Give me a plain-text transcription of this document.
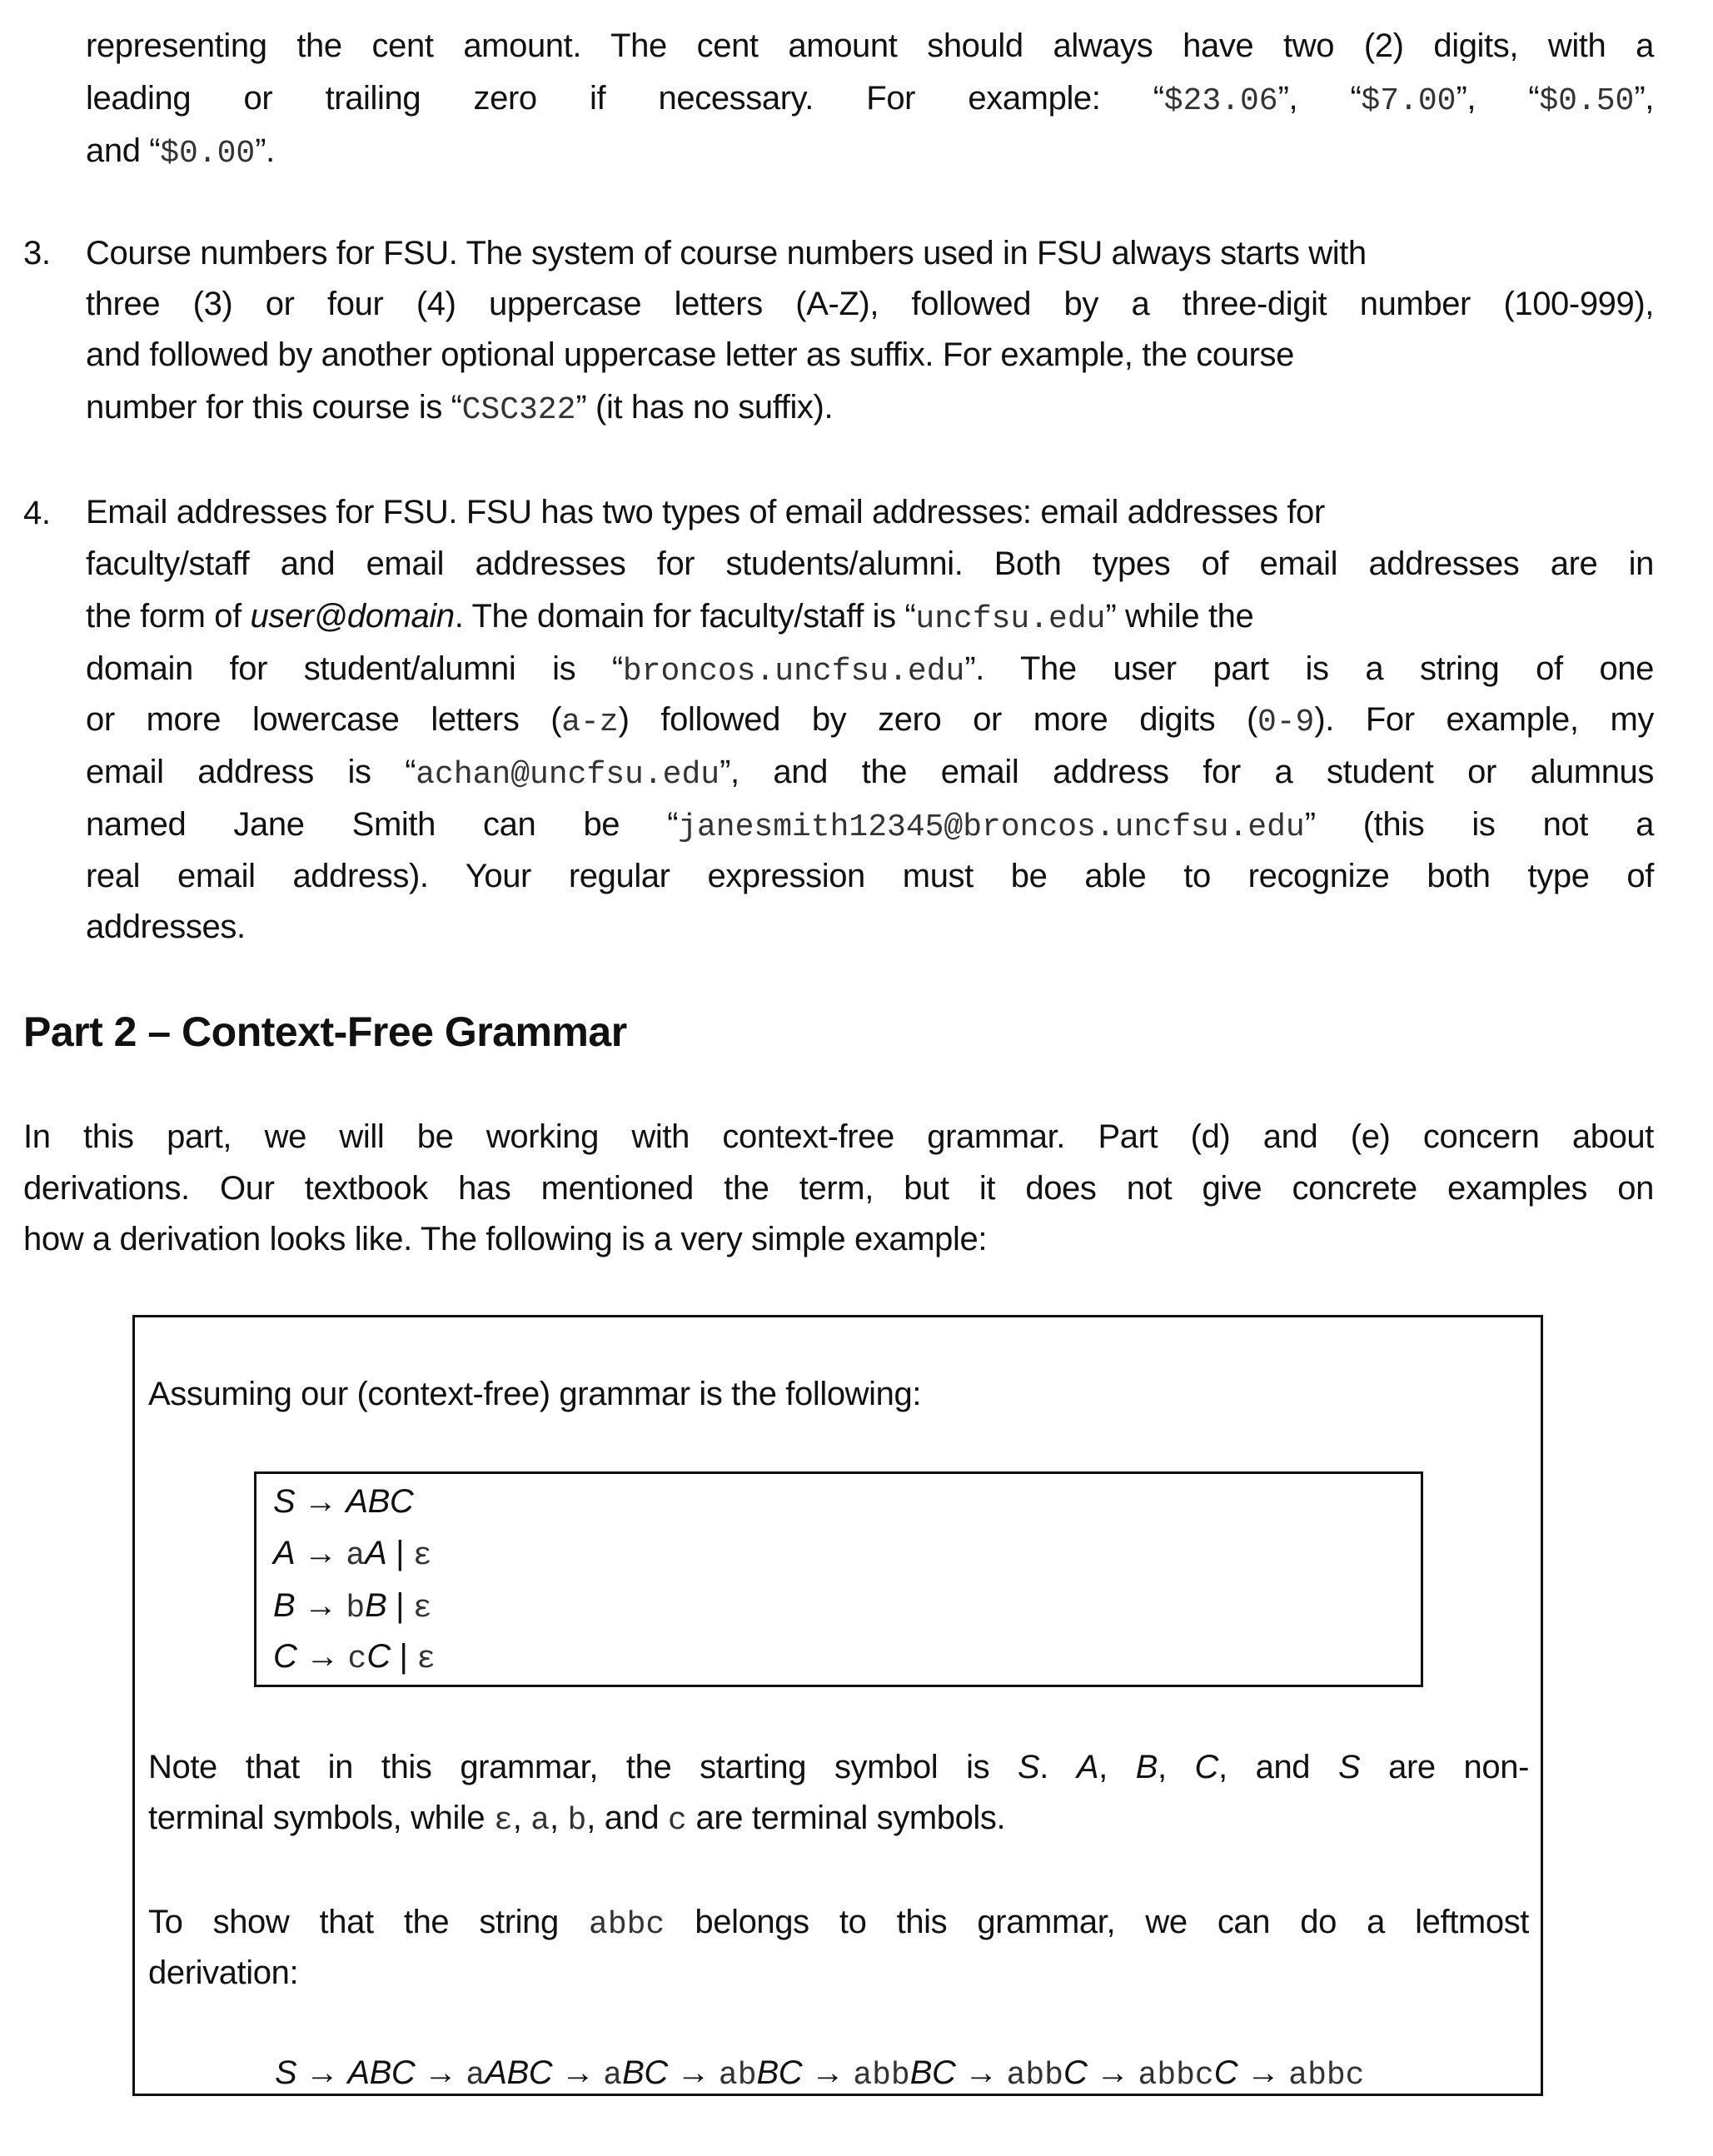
3.
4.
Part 2 – Context-Free Grammar
representing the cent amount. The cent amount should always have two (2) digits, with a
leading or trailing zero if necessary. For example: “$23.06”, “$7.00”, “$0.50”,
and “$0.00”.
Course numbers for FSU. The system of course numbers used in FSU always starts with
three (3) or four (4) uppercase letters (A-Z), followed by a three-digit number (100-999),
and followed by another optional uppercase letter as suffix. For example, the course
number for this course is “CSC322” (it has no suffix).
Email addresses for FSU. FSU has two types of email addresses: email addresses for
faculty/staff and email addresses for students/alumni. Both types of email addresses are in
the form of user@domain. The domain for faculty/staff is “uncfsu.edu” while the
domain for student/alumni is “broncos.uncfsu.edu”. The user part is a string of one
or more lowercase letters (a-z) followed by zero or more digits (0-9). For example, my
email address is “achan@uncfsu.edu”, and the email address for a student or alumnus
named Jane Smith can be “janesmith12345@broncos.uncfsu.edu” (this is not a
real email address). Your regular expression must be able to recognize both type of
addresses.
In this part, we will be working with context-free grammar. Part (d) and (e) concern about
derivations. Our textbook has mentioned the term, but it does not give concrete examples on
how a derivation looks like. The following is a very simple example:
Assuming our (context-free) grammar is the following:
S → ABC
A → aA | ε
B → bB | ε
C → cC | ε
Note that in this grammar, the starting symbol is S. A, B, C, and S are non-
terminal symbols, while ε, a, b, and c are terminal symbols.
To show that the string abbc belongs to this grammar, we can do a leftmost
derivation:
S → ABC → aABC → aBC → abBC → abbBC → abbC → abbcC → abbc
